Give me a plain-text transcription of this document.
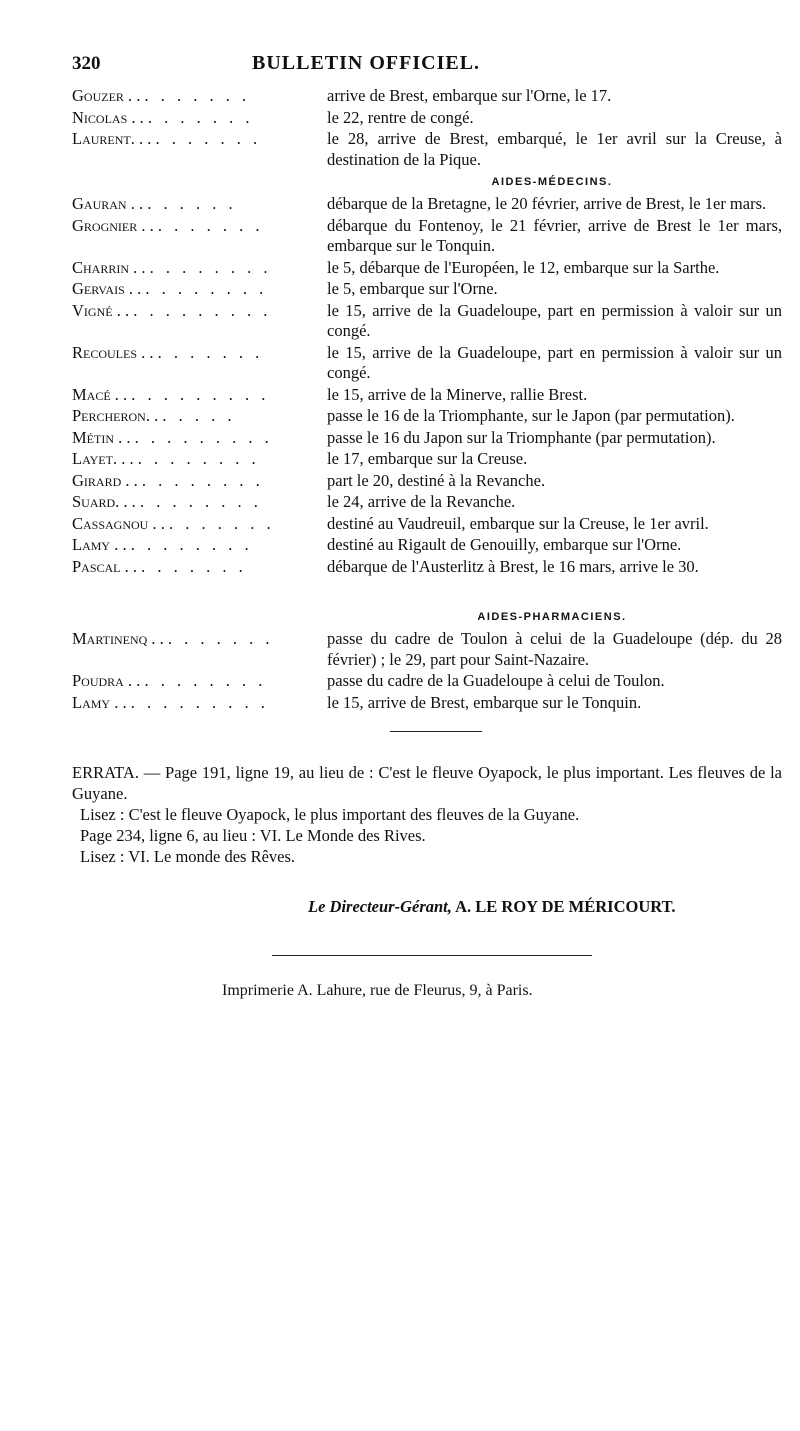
320	BULLETIN OFFICIEL.
Gouzer . . . . . . . . .	arrive de Brest, embarque sur l'Orne, le 17.
Nicolas . . . . . . . . .	le 22, rentre de congé.
Laurent. . . . . . . . . .	le 28, arrive de Brest, embarqué, le 1er avril sur la Creuse, à destination de la Pique.
AIDES-MÉDECINS.
Gauran . . . . . . . .	débarque de la Bretagne, le 20 février, arrive de Brest, le 1er mars.
Grognier . . . . . . . . .	débarque du Fontenoy, le 21 février, arrive de Brest le 1er mars, embarque sur le Tonquin.
Charrin . . . . . . . . . .	le 5, débarque de l'Européen, le 12, embarque sur la Sarthe.
Gervais . . . . . . . . . .	le 5, embarque sur l'Orne.
Vigné . . . . . . . . . . .	le 15, arrive de la Guadeloupe, part en permission à valoir sur un congé.
Recoules . . . . . . . . .	le 15, arrive de la Guadeloupe, part en permission à valoir sur un congé.
Macé . . . . . . . . . . .	le 15, arrive de la Minerve, rallie Brest.
Percheron. . . . . . .	passe le 16 de la Triomphante, sur le Japon (par permutation).
Métin . . . . . . . . . . .	passe le 16 du Japon sur la Triomphante (par permutation).
Layet. . . . . . . . . . .	le 17, embarque sur la Creuse.
Girard . . . . . . . . . .	part le 20, destiné à la Revanche.
Suard. . . . . . . . . . .	le 24, arrive de la Revanche.
Cassagnou . . . . . . . . .	destiné au Vaudreuil, embarque sur la Creuse, le 1er avril.
Lamy . . . . . . . . . .	destiné au Rigault de Genouilly, embarque sur l'Orne.
Pascal . . . . . . . . .	débarque de l'Austerlitz à Brest, le 16 mars, arrive le 30.
AIDES-PHARMACIENS.
Martinenq . . . . . . . . .	passe du cadre de Toulon à celui de la Guadeloupe (dép. du 28 février) ; le 29, part pour Saint-Nazaire.
Poudra . . . . . . . . . .	passe du cadre de la Guadeloupe à celui de Toulon.
Lamy . . . . . . . . . . .	le 15, arrive de Brest, embarque sur le Tonquin.

ERRATA. — Page 191, ligne 19, au lieu de : C'est le fleuve Oyapock, le plus important. Les fleuves de la Guyane.

Lisez : C'est le fleuve Oyapock, le plus important des fleuves de la Guyane.

Page 234, ligne 6, au lieu : VI. Le Monde des Rives.

Lisez : VI. Le monde des Rêves.

Le Directeur-Gérant, A. LE ROY DE MÉRICOURT.
Imprimerie A. Lahure, rue de Fleurus, 9, à Paris.
